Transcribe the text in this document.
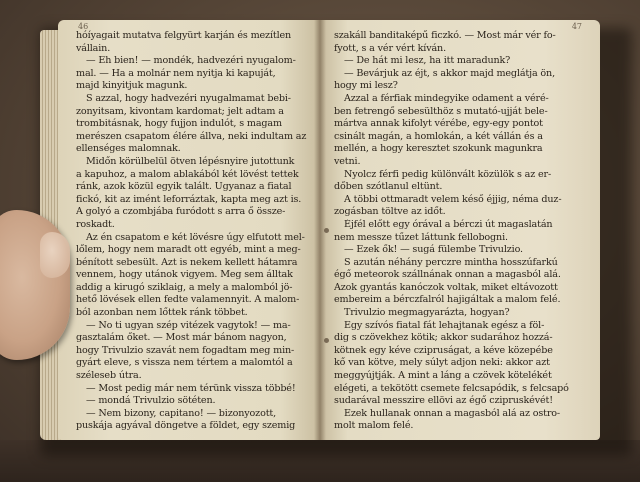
46
hóíyagait mutatva felgyürt karján és mezítlen
vállain.
— Eh bien! — mondék, hadvezéri nyugalom-
mal. — Ha a molnár nem nyitja ki kapuját,
majd kinyitjuk magunk.
S azzal, hogy hadvezéri nyugalmamat bebi-
zonyitsam, kivontam kardomat; jelt adtam a
trombitásnak, hogy fujjon indulót, s magam
merészen csapatom élére állva, neki indultam az
ellenséges malomnak.
Midőn körülbelül ötven lépésnyire jutottunk
a kapuhoz, a malom ablakából két lövést tettek
ránk, azok közül egyik talált. Ugyanaz a fiatal
fickó, kit az imént leforráztak, kapta meg azt is.
A golyó a czombjába furódott s arra ő össze-
roskadt.
Az én csapatom e két lövésre úgy elfutott mel-
lőlem, hogy nem maradt ott egyéb, mint a meg-
bénított sebesült. Azt is nekem kellett hátamra
vennem, hogy utánok vigyem. Meg sem álltak
addig a kirugó sziklaig, a mely a malomból jö-
hető lövések ellen fedte valamennyit. A malom-
ból azonban nem lőttek ránk többet.
— No ti ugyan szép vitézek vagytok! — ma-
gasztalám őket. — Most már bánom nagyon,
hogy Trivulzio szavát nem fogadtam meg min-
gyárt eleve, s vissza nem tértem a malomtól a
széleseb útra.
— Most pedig már nem térünk vissza többé!
— mondá Trivulzio sötéten.
— Nem bizony, capitano! — bizonyozott,
puskája agyával döngetve a földet, egy szemig
47
szakáll banditaképű ficzkó. — Most már vér fo-
fyott, s a vér vért kíván.
— De hát mi lesz, ha itt maradunk?
— Bevárjuk az éjt, s akkor majd meglátja ön,
hogy mi lesz?
Azzal a férfiak mindegyike odament a véré-
ben fetrengő sebesülthöz s mutató-ujját bele-
mártva annak kifolyt vérébe, egy-egy pontot
csinált magán, a homlokán, a két vállán és a
mellén, a hogy keresztet szokunk magunkra
vetni.
Nyolcz férfi pedig különvált közülök s az er-
dőben szótlanul eltünt.
A többi ottmaradt velem késő éjjig, néma duz-
zogásban töltve az időt.
Éjfél előtt egy órával a bérczi út magaslatán
nem messze tűzet láttunk fellobogni.
— Ezek ők! — sugá fülembe Trivulzio.
S azután néhány perczre mintha hosszúfarkú
égő meteorok szállnának onnan a magasból alá.
Azok gyantás kanóczok voltak, miket eltávozott
embereim a bérczfalról hajigáltak a malom felé.
Trivulzio megmagyarázta, hogyan?
Egy szívós fiatal fát lehajtanak egész a föl-
dig s czövekhez kötik; akkor sudarához hozzá-
kötnek egy kéve czipruságat, a kéve közepébe
kő van kötve, mely súlyt adjon neki: akkor azt
meggyújtják. A mint a láng a czövek kötelékét
elégeti, a tekötött csemete felcsapódik, s felcsapó
sudarával messzire ellövi az égő czipruskévét!
Ezek hullanak onnan a magasból alá az ostro-
molt malom felé.
